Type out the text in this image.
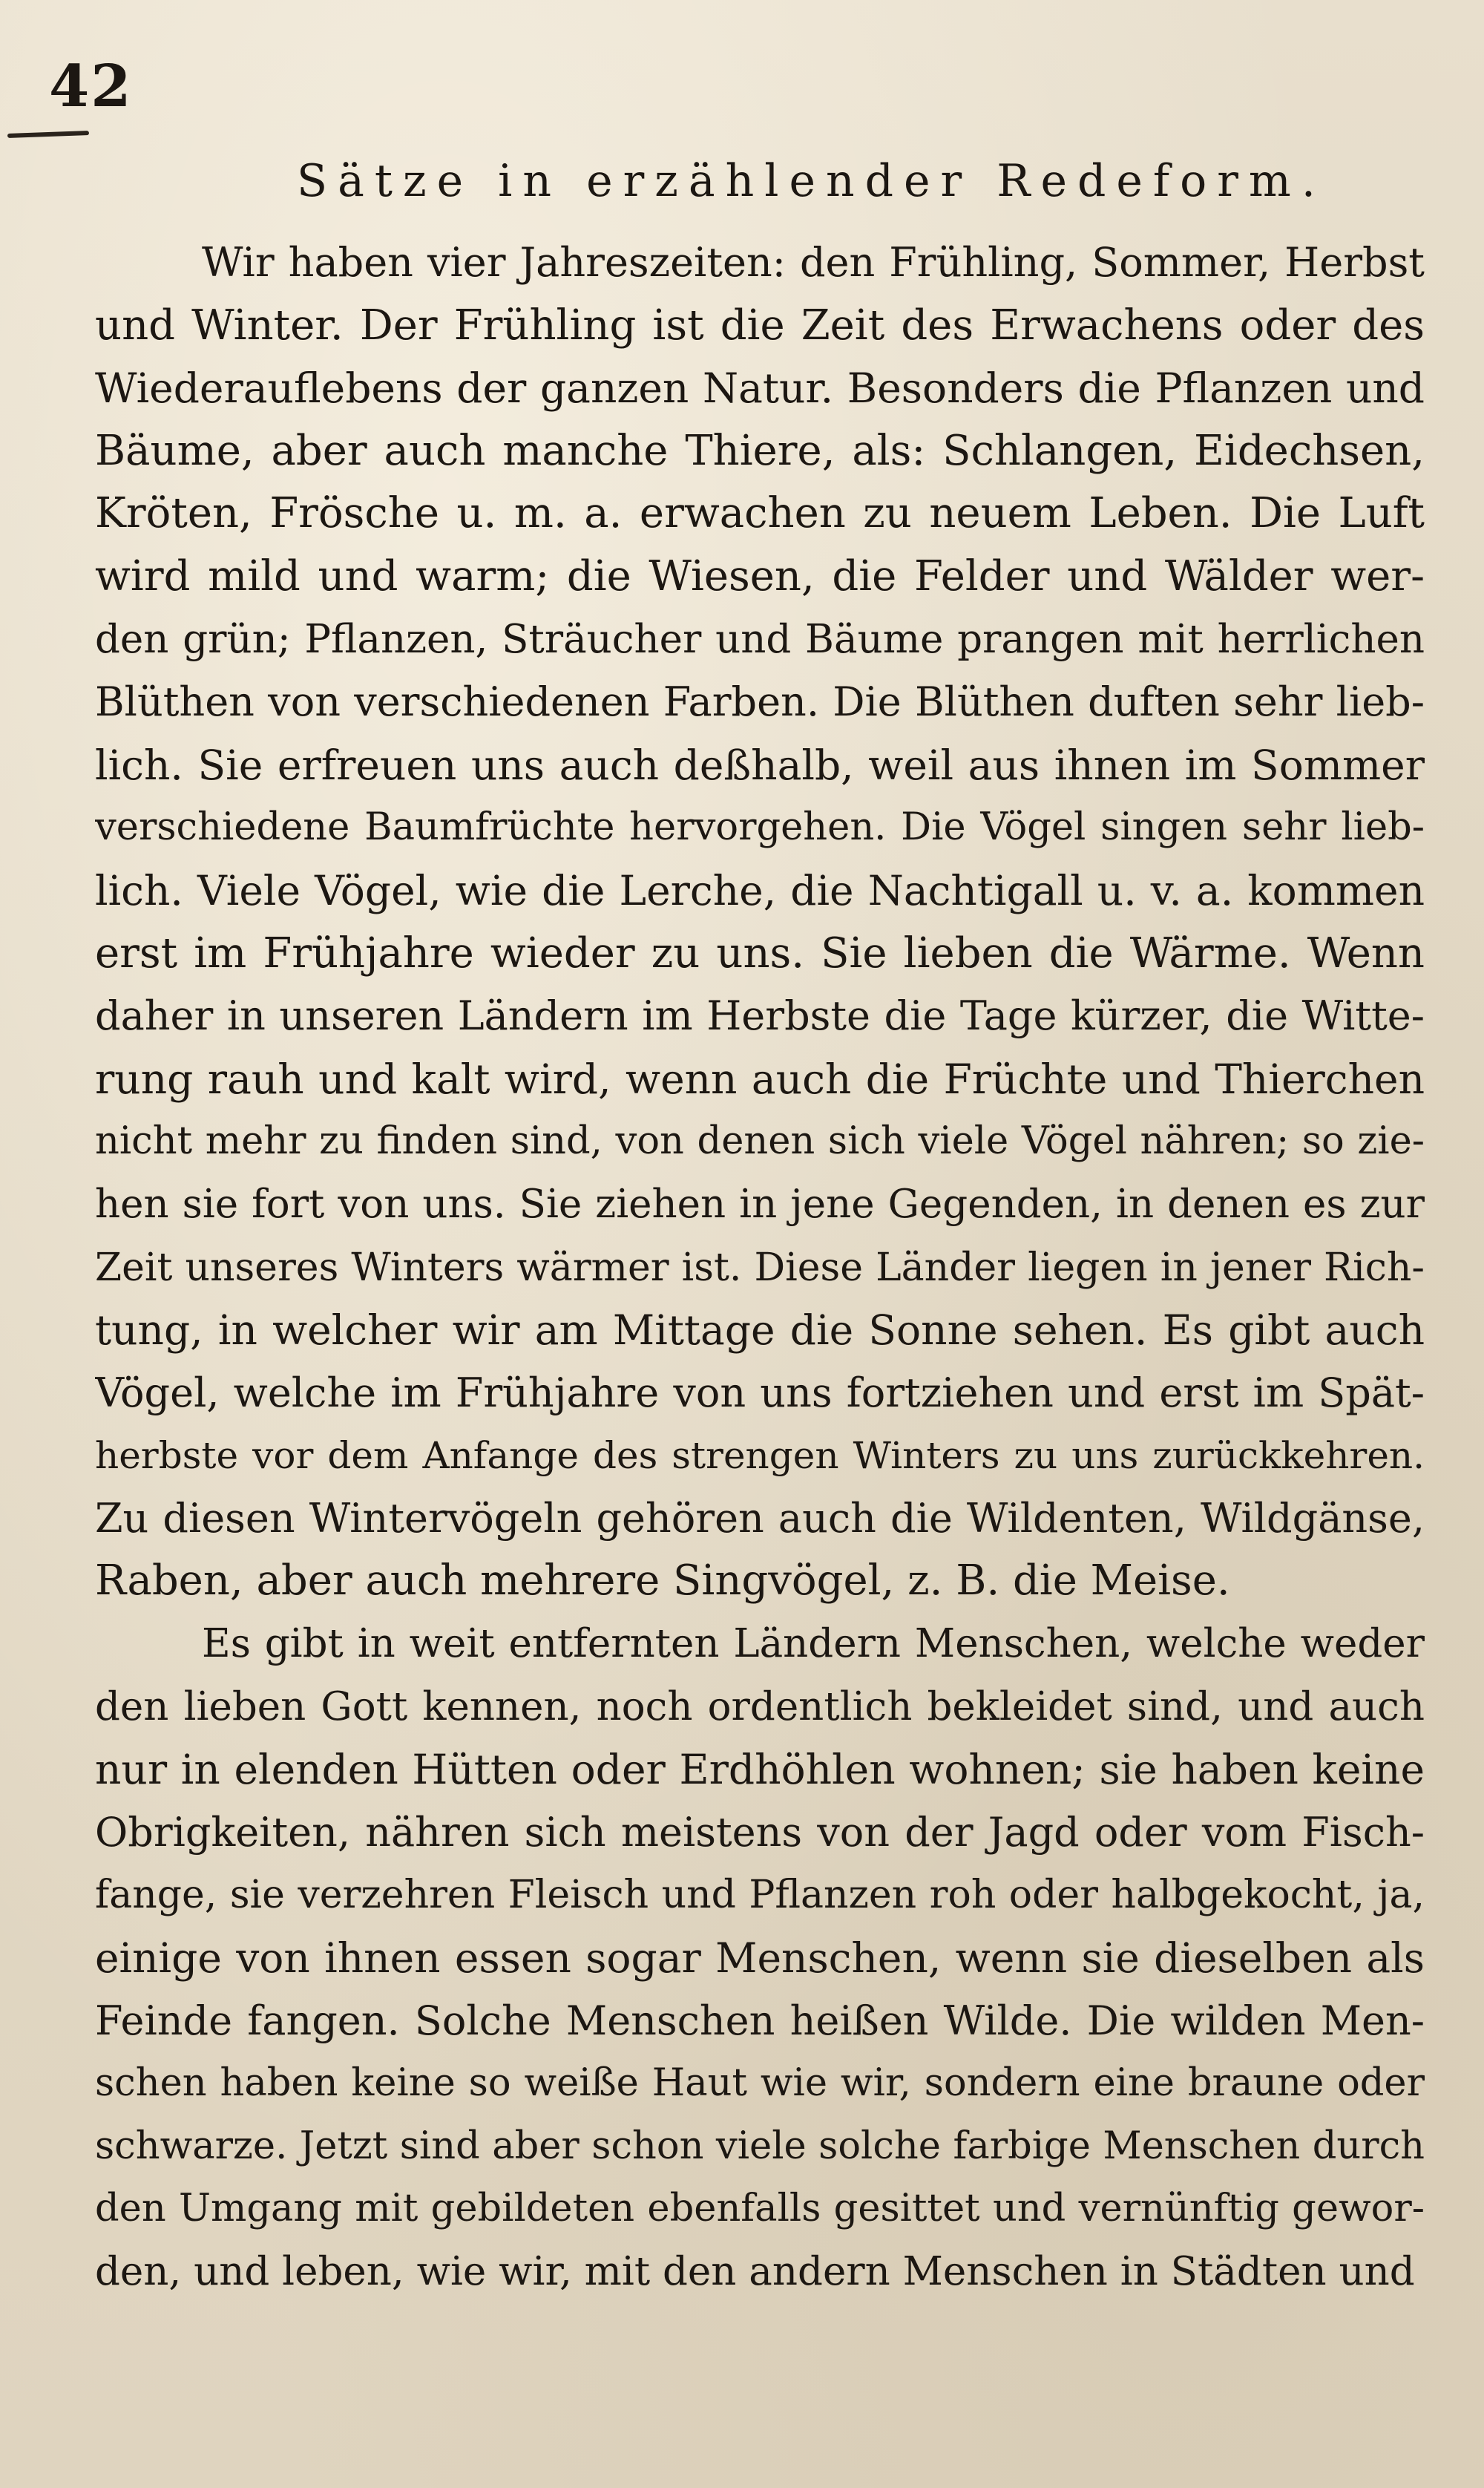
42
Sätze in erzählender Redeform.
Wir haben vier Jahreszeiten: den Frühling, Sommer, Herbst
und Winter. Der Frühling ist die Zeit des Erwachens oder des
Wiederauflebens der ganzen Natur. Besonders die Pflanzen und
Bäume, aber auch manche Thiere, als: Schlangen, Eidechsen,
Kröten, Frösche u. m. a. erwachen zu neuem Leben. Die Luft
wird mild und warm; die Wiesen, die Felder und Wälder wer-
den grün; Pflanzen, Sträucher und Bäume prangen mit herrlichen
Blüthen von verschiedenen Farben. Die Blüthen duften sehr lieb-
lich. Sie erfreuen uns auch deßhalb, weil aus ihnen im Sommer
verschiedene Baumfrüchte hervorgehen. Die Vögel singen sehr lieb-
lich. Viele Vögel, wie die Lerche, die Nachtigall u. v. a. kommen
erst im Frühjahre wieder zu uns. Sie lieben die Wärme. Wenn
daher in unseren Ländern im Herbste die Tage kürzer, die Witte-
rung rauh und kalt wird, wenn auch die Früchte und Thierchen
nicht mehr zu finden sind, von denen sich viele Vögel nähren; so zie-
hen sie fort von uns. Sie ziehen in jene Gegenden, in denen es zur
Zeit unseres Winters wärmer ist. Diese Länder liegen in jener Rich-
tung, in welcher wir am Mittage die Sonne sehen. Es gibt auch
Vögel, welche im Frühjahre von uns fortziehen und erst im Spät-
herbste vor dem Anfange des strengen Winters zu uns zurückkehren.
Zu diesen Wintervögeln gehören auch die Wildenten, Wildgänse,
Raben, aber auch mehrere Singvögel, z. B. die Meise.
Es gibt in weit entfernten Ländern Menschen, welche weder
den lieben Gott kennen, noch ordentlich bekleidet sind, und auch
nur in elenden Hütten oder Erdhöhlen wohnen; sie haben keine
Obrigkeiten, nähren sich meistens von der Jagd oder vom Fisch-
fange, sie verzehren Fleisch und Pflanzen roh oder halbgekocht, ja,
einige von ihnen essen sogar Menschen, wenn sie dieselben als
Feinde fangen. Solche Menschen heißen Wilde. Die wilden Men-
schen haben keine so weiße Haut wie wir, sondern eine braune oder
schwarze. Jetzt sind aber schon viele solche farbige Menschen durch
den Umgang mit gebildeten ebenfalls gesittet und vernünftig gewor-
den, und leben, wie wir, mit den andern Menschen in Städten und
